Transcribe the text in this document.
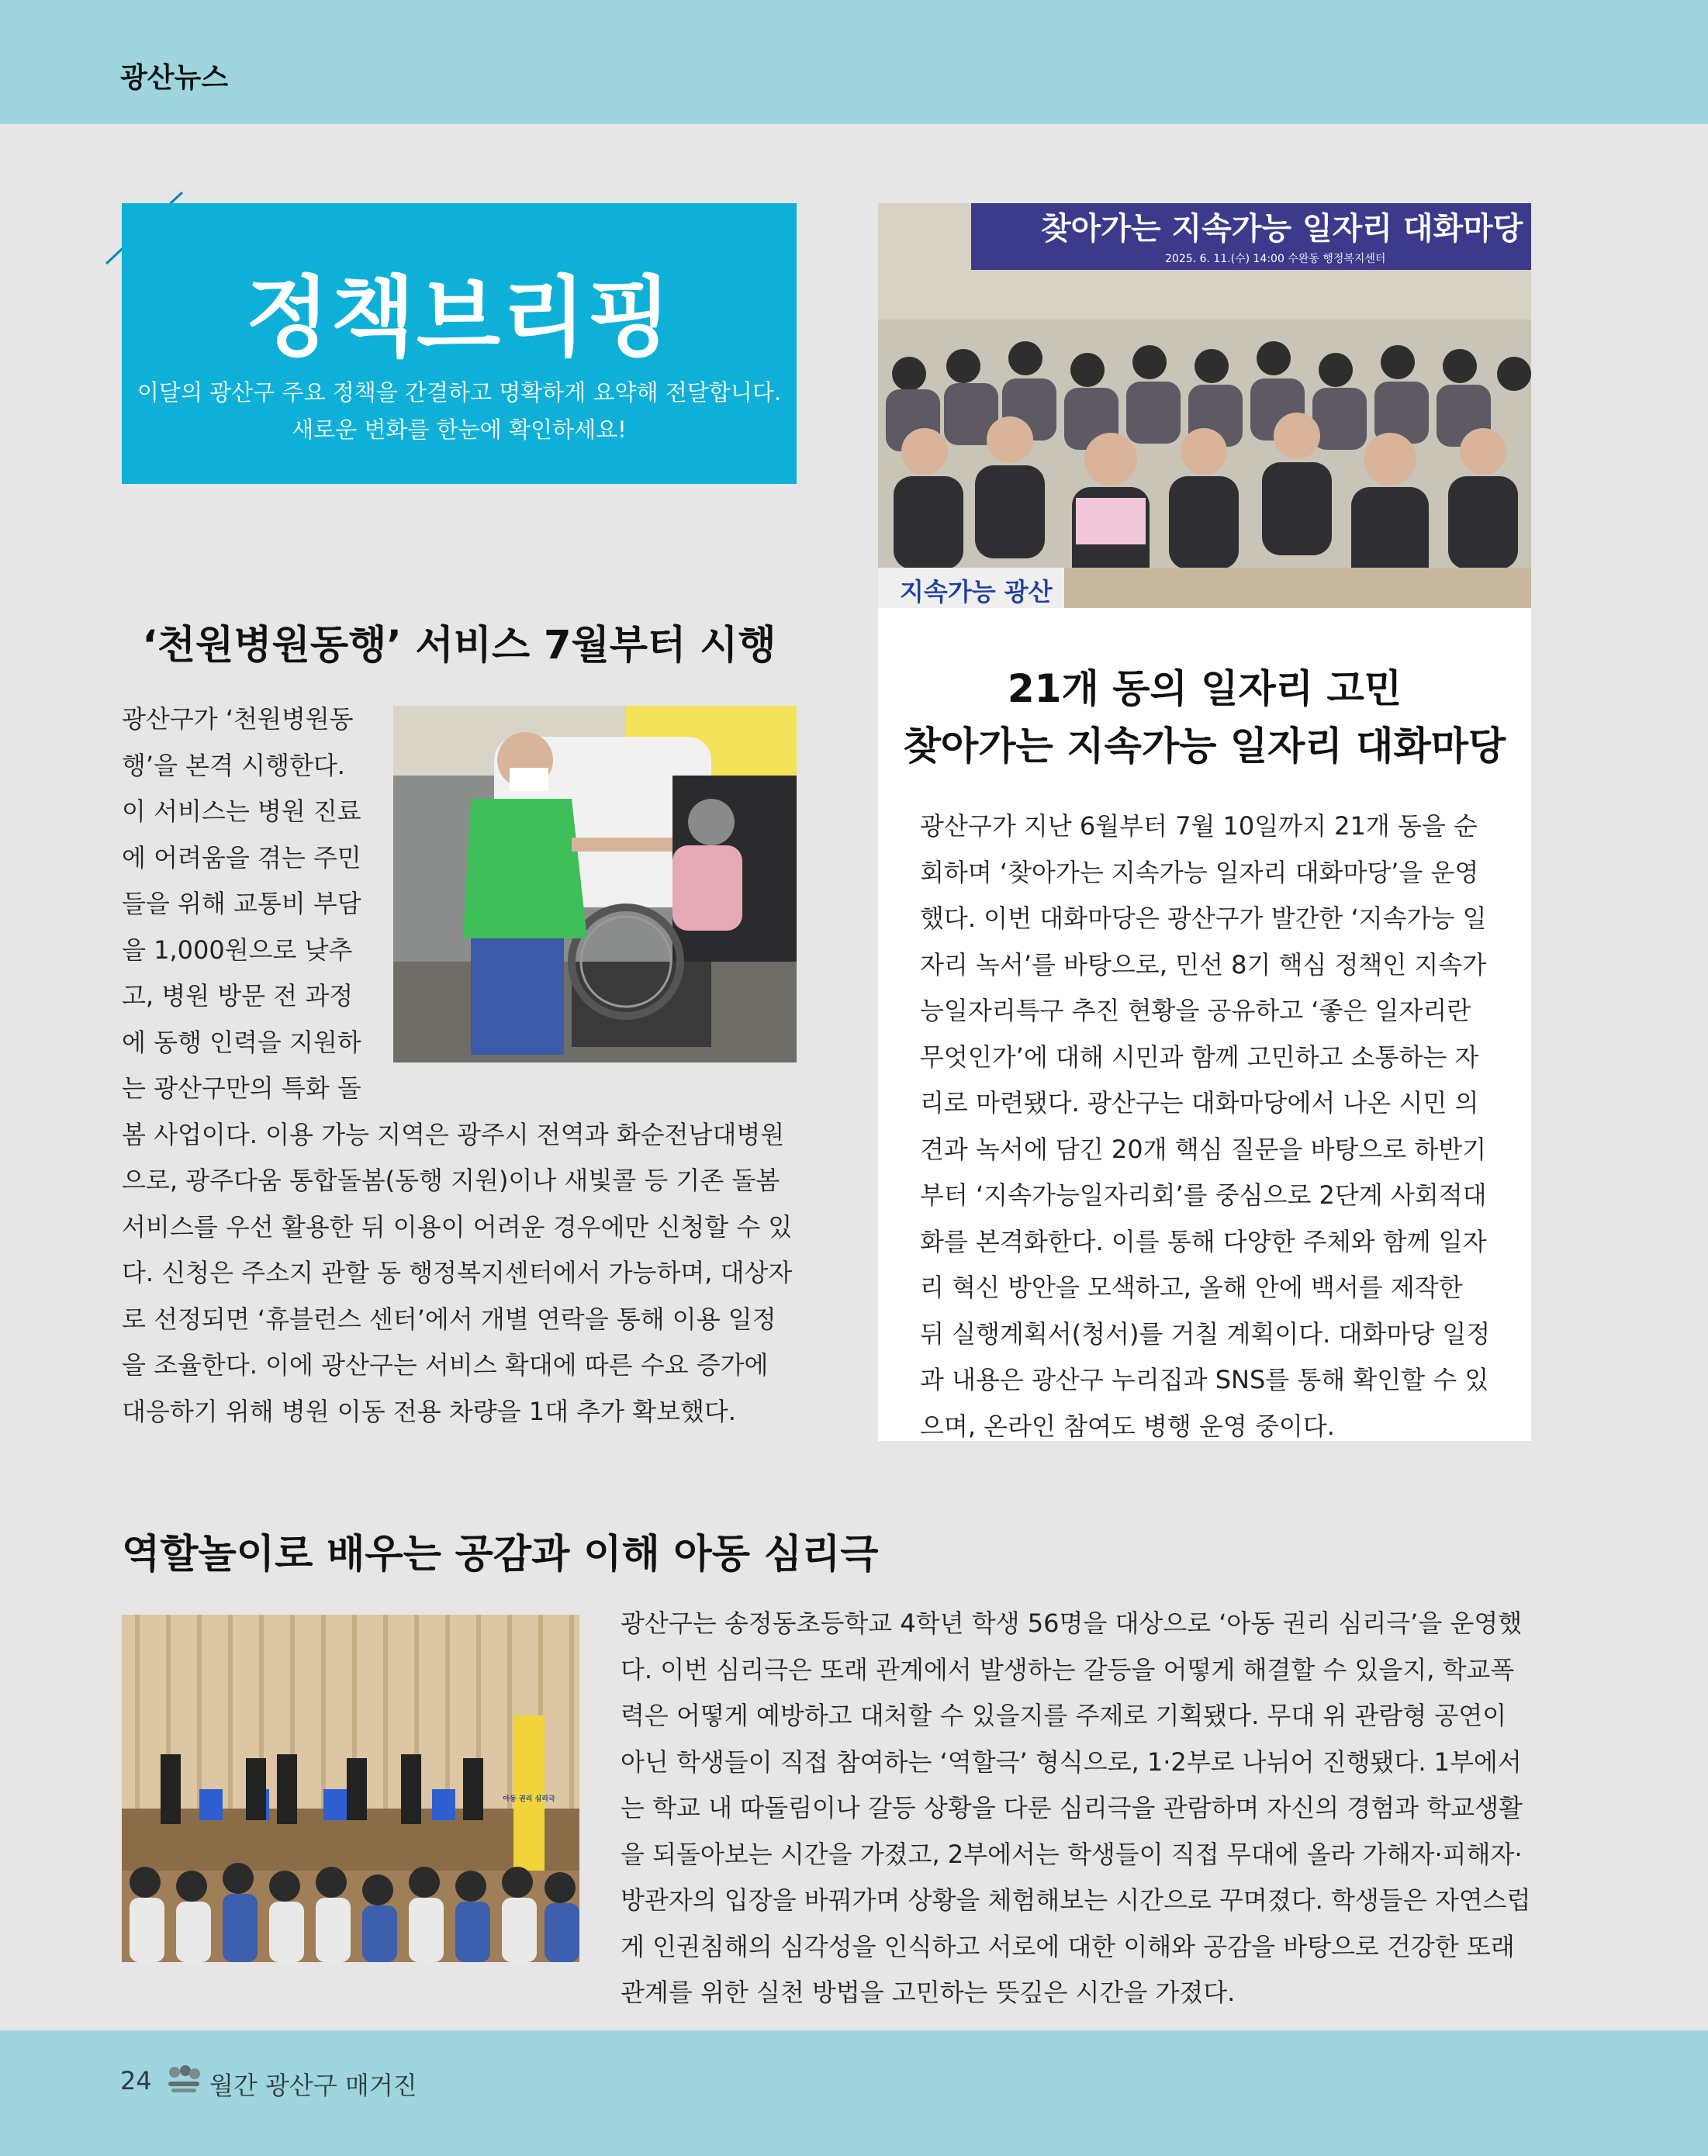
광산뉴스
정책브리핑
이달의 광산구 주요 정책을 간결하고 명확하게 요약해 전달합니다.
새로운 변화를 한눈에 확인하세요!
‘천원병원동행’ 서비스 7월부터 시행

광산구가 ‘천원병원동행’을 본격 시행한다. 이 서비스는 병원 진료에 어려움을 겪는 주민들을 위해 교통비 부담을 1,000원으로 낮추고, 병원 방문 전 과정에 동행 인력을 지원하는 광산구만의 특화 돌봄 사업이다. 이용 가능 지역은 광주시 전역과 화순전남대병원으로, 광주다움 통합돌봄(동행 지원)이나 새빛콜 등 기존 돌봄서비스를 우선 활용한 뒤 이용이 어려운 경우에만 신청할 수 있다. 신청은 주소지 관할 동 행정복지센터에서 가능하며, 대상자로 선정되면 ‘휴블런스 센터’에서 개별 연락을 통해 이용 일정을 조율한다. 이에 광산구는 서비스 확대에 따른 수요 증가에 대응하기 위해 병원 이동 전용 차량을 1대 추가 확보했다.

찾아가는 지속가능 일자리 대화마당
2025. 6. 11.(수) 14:00 수완동 행정복지센터
지속가능 광산
21개 동의 일자리 고민
찾아가는 지속가능 일자리 대화마당

광산구가 지난 6월부터 7월 10일까지 21개 동을 순회하며 ‘찾아가는 지속가능 일자리 대화마당’을 운영했다. 이번 대화마당은 광산구가 발간한 ‘지속가능 일자리 녹서’를 바탕으로, 민선 8기 핵심 정책인 지속가능일자리특구 추진 현황을 공유하고 ‘좋은 일자리란 무엇인가’에 대해 시민과 함께 고민하고 소통하는 자리로 마련됐다. 광산구는 대화마당에서 나온 시민 의견과 녹서에 담긴 20개 핵심 질문을 바탕으로 하반기부터 ‘지속가능일자리회’를 중심으로 2단계 사회적대화를 본격화한다. 이를 통해 다양한 주체와 함께 일자리 혁신 방안을 모색하고, 올해 안에 백서를 제작한 뒤 실행계획서(청서)를 거칠 계획이다. 대화마당 일정과 내용은 광산구 누리집과 SNS를 통해 확인할 수 있으며, 온라인 참여도 병행 운영 중이다.

역할놀이로 배우는 공감과 이해 아동 심리극
아동 권리 심리극

광산구는 송정동초등학교 4학년 학생 56명을 대상으로 ‘아동 권리 심리극’을 운영했다. 이번 심리극은 또래 관계에서 발생하는 갈등을 어떻게 해결할 수 있을지, 학교폭력은 어떻게 예방하고 대처할 수 있을지를 주제로 기획됐다. 무대 위 관람형 공연이 아닌 학생들이 직접 참여하는 ‘역할극’ 형식으로, 1·2부로 나뉘어 진행됐다. 1부에서는 학교 내 따돌림이나 갈등 상황을 다룬 심리극을 관람하며 자신의 경험과 학교생활을 되돌아보는 시간을 가졌고, 2부에서는 학생들이 직접 무대에 올라 가해자·피해자·방관자의 입장을 바꿔가며 상황을 체험해보는 시간으로 꾸며졌다. 학생들은 자연스럽게 인권침해의 심각성을 인식하고 서로에 대한 이해와 공감을 바탕으로 건강한 또래 관계를 위한 실천 방법을 고민하는 뜻깊은 시간을 가졌다.

24 월간 광산구 매거진
